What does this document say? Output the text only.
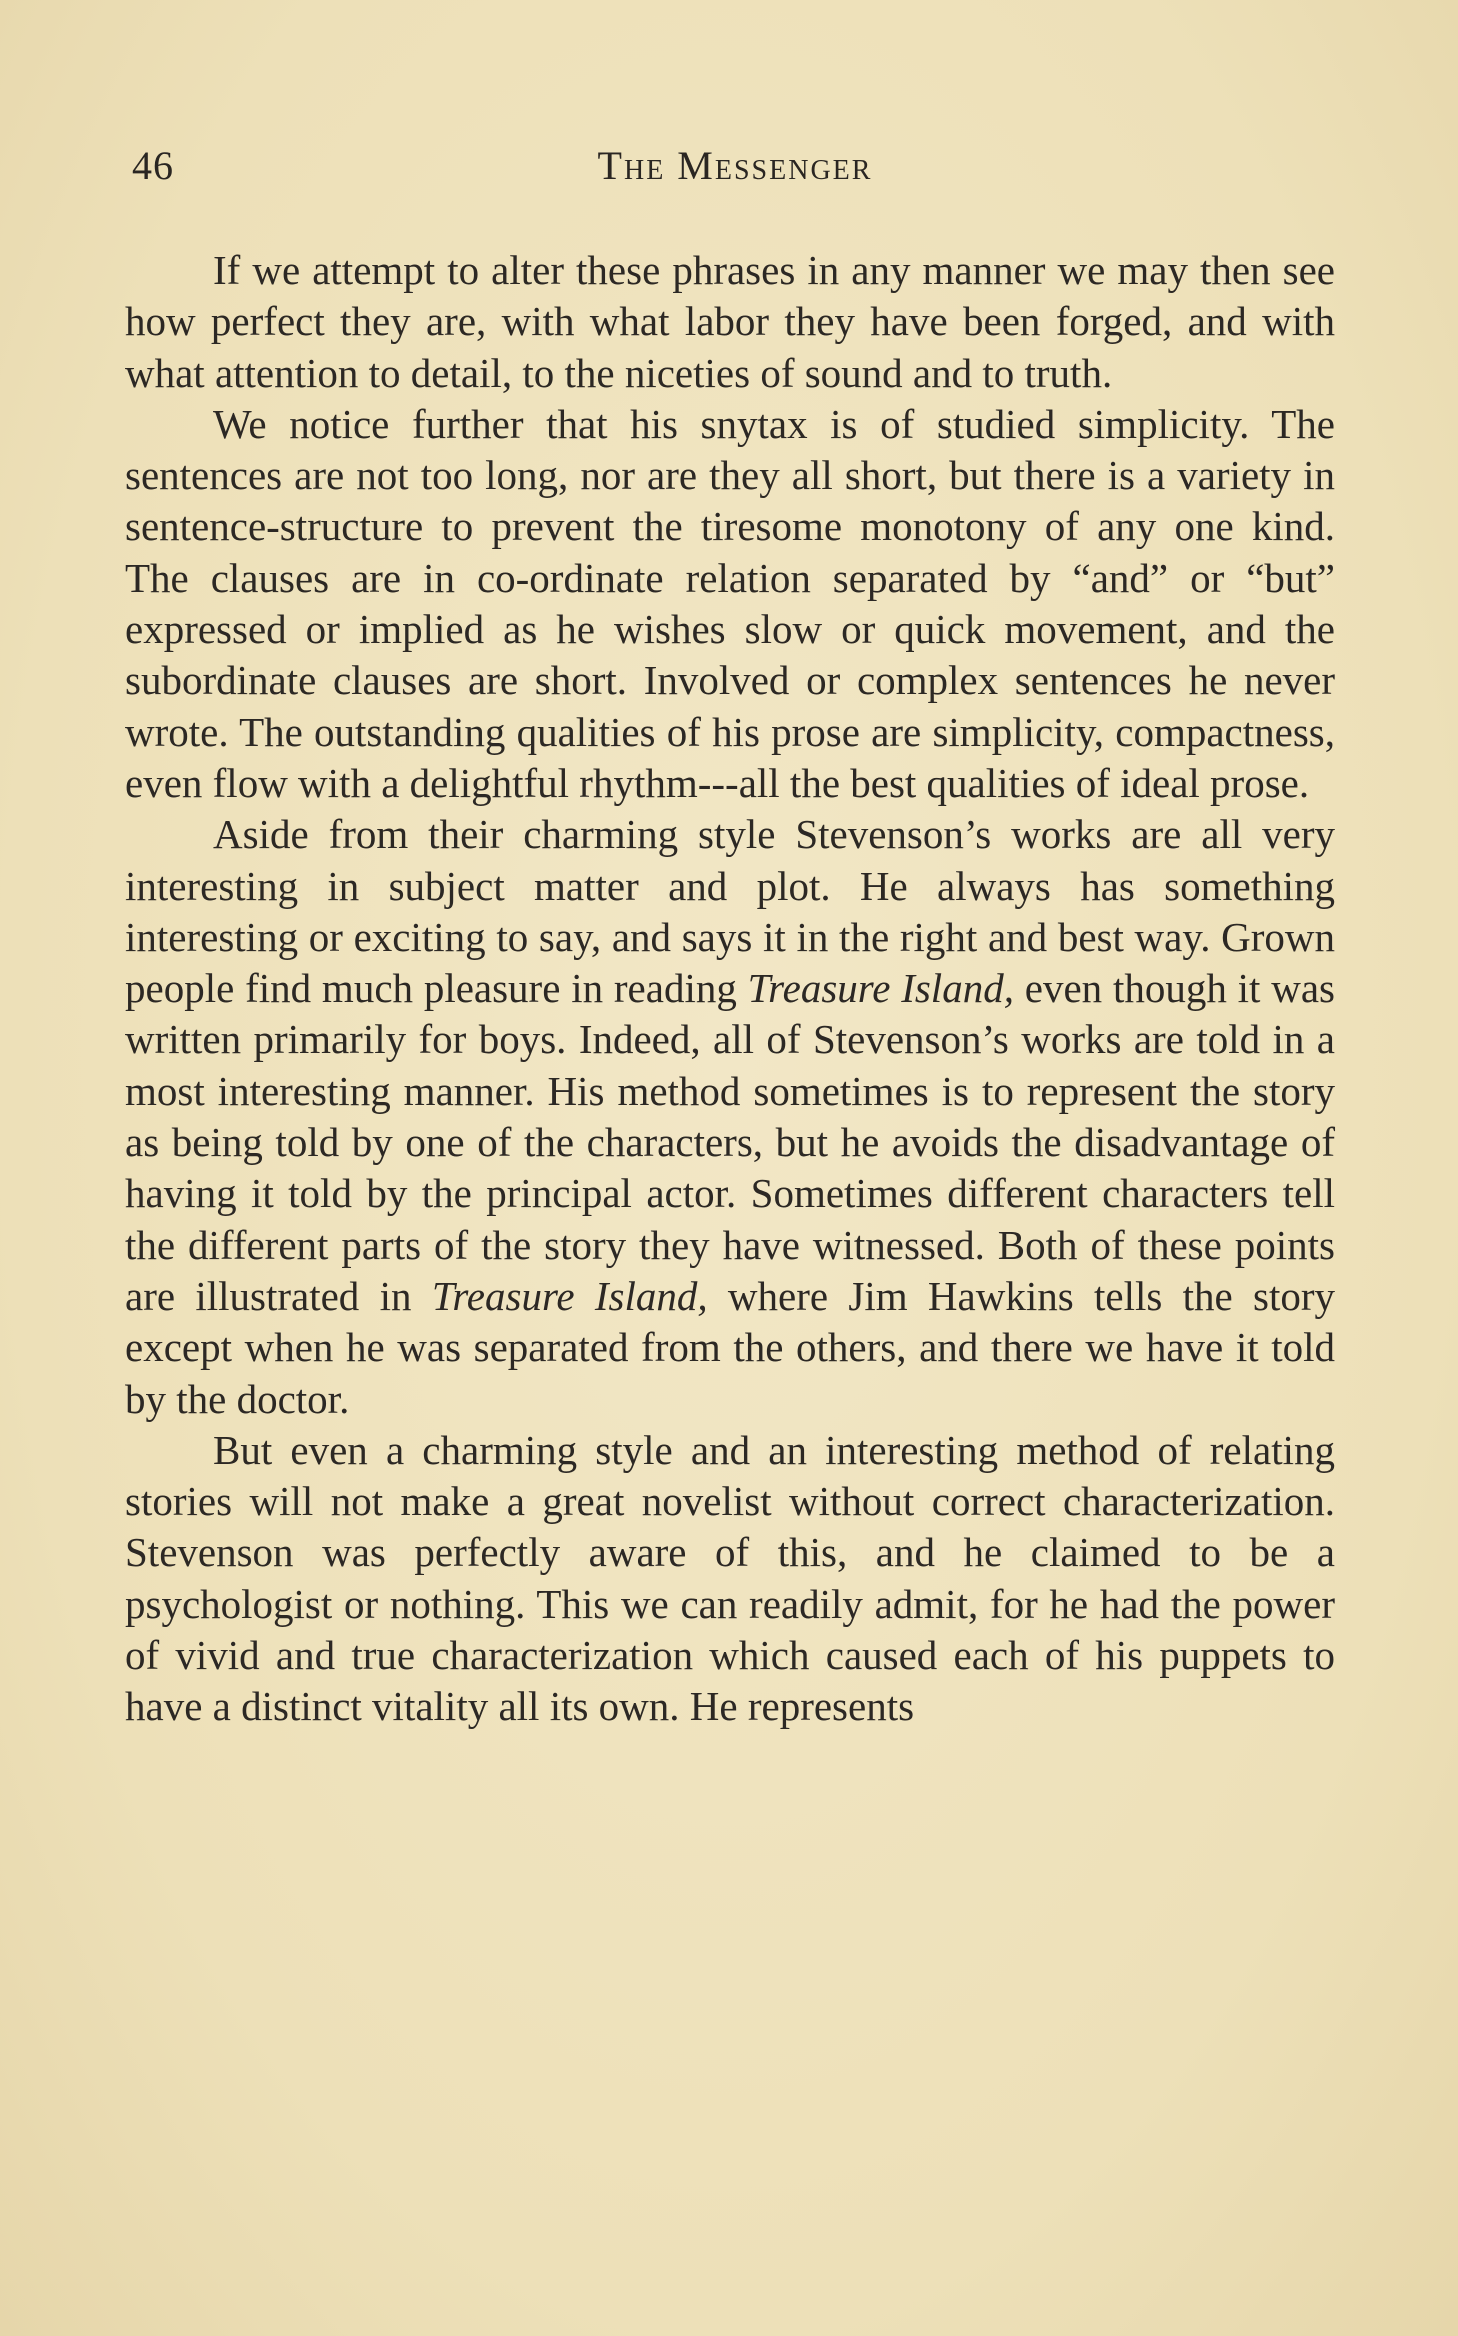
46	The Messenger

If we attempt to alter these phrases in any manner we may then see how perfect they are, with what labor they have been forged, and with what attention to detail, to the niceties of sound and to truth.

We notice further that his snytax is of studied simplicity. The sentences are not too long, nor are they all short, but there is a variety in sentence-structure to prevent the tiresome monotony of any one kind. The clauses are in co-ordinate relation separated by “and” or “but” expressed or implied as he wishes slow or quick movement, and the subordinate clauses are short. Involved or complex sentences he never wrote. The outstanding qualities of his prose are simplicity, compactness, even flow with a delightful rhythm---all the best qualities of ideal prose.

Aside from their charming style Stevenson’s works are all very interesting in subject matter and plot. He always has something interesting or exciting to say, and says it in the right and best way. Grown people find much pleasure in reading Treasure Island, even though it was written primarily for boys. Indeed, all of Stevenson’s works are told in a most interesting manner. His method sometimes is to represent the story as being told by one of the characters, but he avoids the disadvantage of having it told by the principal actor. Sometimes different characters tell the different parts of the story they have witnessed. Both of these points are illustrated in Treasure Island, where Jim Hawkins tells the story except when he was separated from the others, and there we have it told by the doctor.

But even a charming style and an interesting method of relating stories will not make a great novelist without correct characterization. Stevenson was perfectly aware of this, and he claimed to be a psychologist or nothing. This we can readily admit, for he had the power of vivid and true characterization which caused each of his puppets to have a distinct vitality all its own. He represents
